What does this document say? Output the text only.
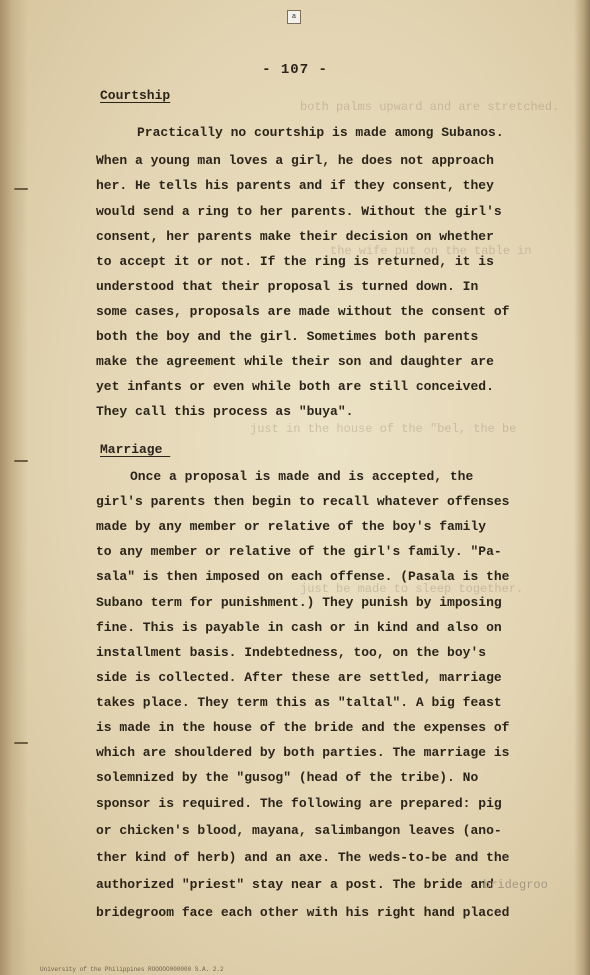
a
both palms upward and are stretched.
the wife put on the table in
just in the house of the "bel, the be
just be made to sleep together.
- 107 -
Courtship
Practically no courtship is made among Subanos.
When a young man loves a girl, he does not approach
her. He tells his parents and if they consent, they
would send a ring to her parents. Without the girl's
consent, her parents make their decision on whether
to accept it or not. If the ring is returned, it is
understood that their proposal is turned down. In
some cases, proposals are made without the consent of
both the boy and the girl. Sometimes both parents
make the agreement while their son and daughter are
yet infants or even while both are still conceived.
They call this process as "buya".
Marriage
Once a proposal is made and is accepted, the
girl's parents then begin to recall whatever offenses
made by any member or relative of the boy's family
to any member or relative of the girl's family. "Pa-
sala" is then imposed on each offense. (Pasala is the
Subano term for punishment.) They punish by imposing
fine. This is payable in cash or in kind and also on
installment basis. Indebtedness, too, on the boy's
side is collected. After these are settled, marriage
takes place. They term this as "taltal". A big feast
is made in the house of the bride and the expenses of
which are shouldered by both parties. The marriage is
solemnized by the "gusog" (head of the tribe). No
sponsor is required. The following are prepared: pig
or chicken's blood, mayana, salimbangon leaves (ano-
ther kind of herb) and an axe. The weds-to-be and the
authorized "priest" stay near a post. The bride and
bridegroom face each other with his right hand placed
bridegroo
University of the Philippines ROOOOO000000 S.A. 2.2
